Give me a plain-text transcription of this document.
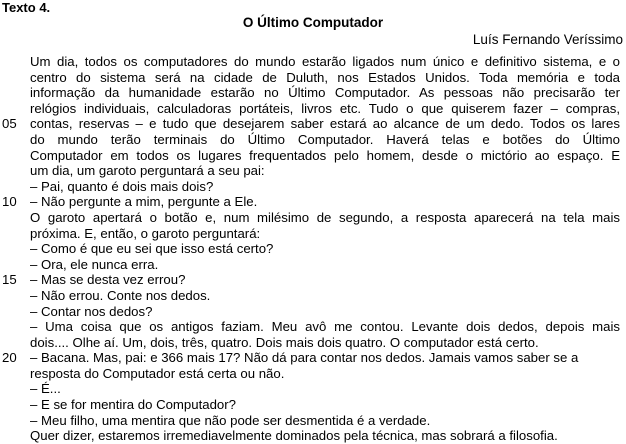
Texto 4.
O Último Computador
Luís Fernando Veríssimo
Um dia, todos os computadores do mundo estarão ligados num único e definitivo sistema, e o
centro do sistema será na cidade de Duluth, nos Estados Unidos. Toda memória e toda
informação da humanidade estarão no Último Computador. As pessoas não precisarão ter
relógios individuais, calculadoras portáteis, livros etc. Tudo o que quiserem fazer – compras,
05 contas, reservas – e tudo que desejarem saber estará ao alcance de um dedo. Todos os lares
do mundo terão terminais do Último Computador. Haverá telas e botões do Último
Computador em todos os lugares frequentados pelo homem, desde o mictório ao espaço. E
um dia, um garoto perguntará a seu pai:
– Pai, quanto é dois mais dois?
10 – Não pergunte a mim, pergunte a Ele.
O garoto apertará o botão e, num milésimo de segundo, a resposta aparecerá na tela mais
próxima. E, então, o garoto perguntará:
– Como é que eu sei que isso está certo?
– Ora, ele nunca erra.
15 – Mas se desta vez errou?
– Não errou. Conte nos dedos.
– Contar nos dedos?
– Uma coisa que os antigos faziam. Meu avô me contou. Levante dois dedos, depois mais
dois.... Olhe aí. Um, dois, três, quatro. Dois mais dois quatro. O computador está certo.
20 – Bacana. Mas, pai: e 366 mais 17? Não dá para contar nos dedos. Jamais vamos saber se a
resposta do Computador está certa ou não.
– É...
– E se for mentira do Computador?
– Meu filho, uma mentira que não pode ser desmentida é a verdade.
Quer dizer, estaremos irremediavelmente dominados pela técnica, mas sobrará a filosofia.
